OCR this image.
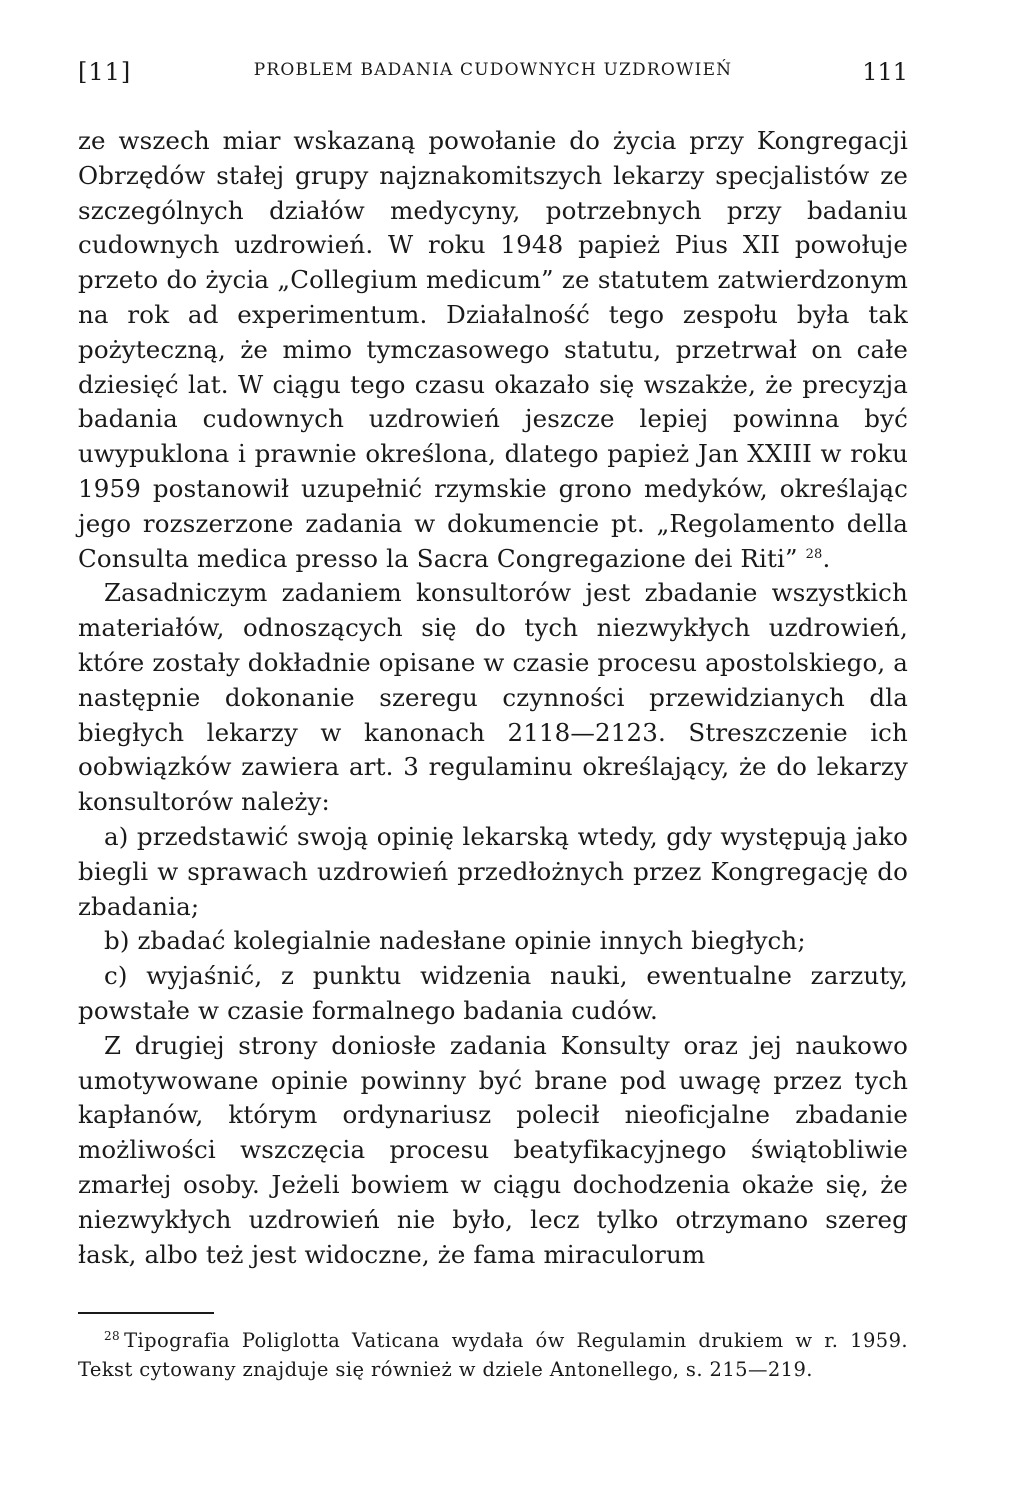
[11]	PROBLEM BADANIA CUDOWNYCH UZDROWIEŃ	111

ze wszech miar wskazaną powołanie do życia przy Kongregacji Obrzędów stałej grupy najznakomitszych lekarzy specjalistów ze szczególnych działów medycyny, potrzebnych przy badaniu cudownych uzdrowień. W roku 1948 papież Pius XII powołuje przeto do życia „Collegium medicum” ze statutem zatwierdzonym na rok ad experimentum. Działalność tego zespołu była tak pożyteczną, że mimo tymczasowego statutu, przetrwał on całe dziesięć lat. W ciągu tego czasu okazało się wszakże, że precyzja badania cudownych uzdrowień jeszcze lepiej powinna być uwypuklona i prawnie określona, dlatego papież Jan XXIII w roku 1959 postanowił uzupełnić rzymskie grono medyków, określając jego rozszerzone zadania w dokumencie pt. „Regolamento della Consulta medica presso la Sacra Congregazione dei Riti” $^{28}$.

Zasadniczym zadaniem konsultorów jest zbadanie wszystkich materiałów, odnoszących się do tych niezwykłych uzdrowień, które zostały dokładnie opisane w czasie procesu apostolskiego, a następnie dokonanie szeregu czynności przewidzianych dla biegłych lekarzy w kanonach 2118—2123. Streszczenie ich oobwiązków zawiera art. 3 regulaminu określający, że do lekarzy konsultorów należy:

a) przedstawić swoją opinię lekarską wtedy, gdy występują jako biegli w sprawach uzdrowień przedłożnych przez Kongregację do zbadania;

b) zbadać kolegialnie nadesłane opinie innych biegłych;

c) wyjaśnić, z punktu widzenia nauki, ewentualne zarzuty, powstałe w czasie formalnego badania cudów.

Z drugiej strony doniosłe zadania Konsulty oraz jej naukowo umotywowane opinie powinny być brane pod uwagę przez tych kapłanów, którym ordynariusz polecił nieoficjalne zbadanie możliwości wszczęcia procesu beatyfikacyjnego świątobliwie zmarłej osoby. Jeżeli bowiem w ciągu dochodzenia okaże się, że niezwykłych uzdrowień nie było, lecz tylko otrzymano szereg łask, albo też jest widoczne, że fama miraculorum

$^{28}$ Tipografia Poliglotta Vaticana wydała ów Regulamin drukiem w r. 1959. Tekst cytowany znajduje się również w dziele Antonellego, s. 215—219.
